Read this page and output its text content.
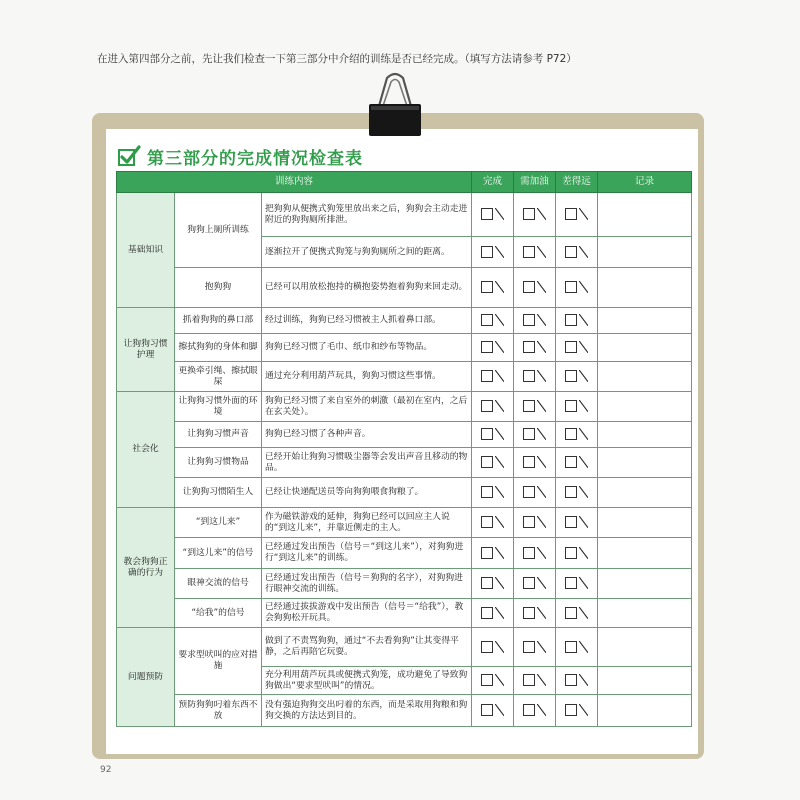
在进入第四部分之前，先让我们检查一下第三部分中介绍的训练是否已经完成。（填写方法请参考 P72）
第三部分的完成情况检查表
训练内容			完成	需加油	差得远	记录
基础知识	狗狗上厕所训练	把狗狗从便携式狗笼里放出来之后，狗狗会主动走进附近的狗狗厕所排泄。				
		逐渐拉开了便携式狗笼与狗狗厕所之间的距离。				
	抱狗狗	已经可以用放松抱持的横抱姿势抱着狗狗来回走动。				
让狗狗习惯护理	抓着狗狗的鼻口部	经过训练，狗狗已经习惯被主人抓着鼻口部。				
	擦拭狗狗的身体和脚	狗狗已经习惯了毛巾、纸巾和纱布等物品。				
	更换牵引绳、擦拭眼屎	通过充分利用葫芦玩具，狗狗习惯这些事情。				
社会化	让狗狗习惯外面的环境	狗狗已经习惯了来自室外的刺激（最初在室内，之后在玄关处）。				
	让狗狗习惯声音	狗狗已经习惯了各种声音。				
	让狗狗习惯物品	已经开始让狗狗习惯吸尘器等会发出声音且移动的物品。				
	让狗狗习惯陌生人	已经让快递配送员等向狗狗喂食狗粮了。				
教会狗狗正确的行为	“到这儿来”	作为磁铁游戏的延伸，狗狗已经可以回应主人说的“到这儿来”，并靠近侧走的主人。				
	“到这儿来”的信号	已经通过发出预告（信号＝“到这儿来”），对狗狗进行“到这儿来”的训练。				
	眼神交流的信号	已经通过发出预告（信号＝狗狗的名字），对狗狗进行眼神交流的训练。				
	“给我”的信号	已经通过拔拔游戏中发出预告（信号＝“给我”），教会狗狗松开玩具。				
问题预防	要求型吠叫的应对措施	做到了不责骂狗狗，通过“不去看狗狗”让其变得平静，之后再陪它玩耍。				
		充分利用葫芦玩具或便携式狗笼，成功避免了导致狗狗做出“要求型吠叫”的情况。				
	预防狗狗叼着东西不放	没有强迫狗狗交出叼着的东西，而是采取用狗粮和狗狗交换的方法达到目的。				
92
